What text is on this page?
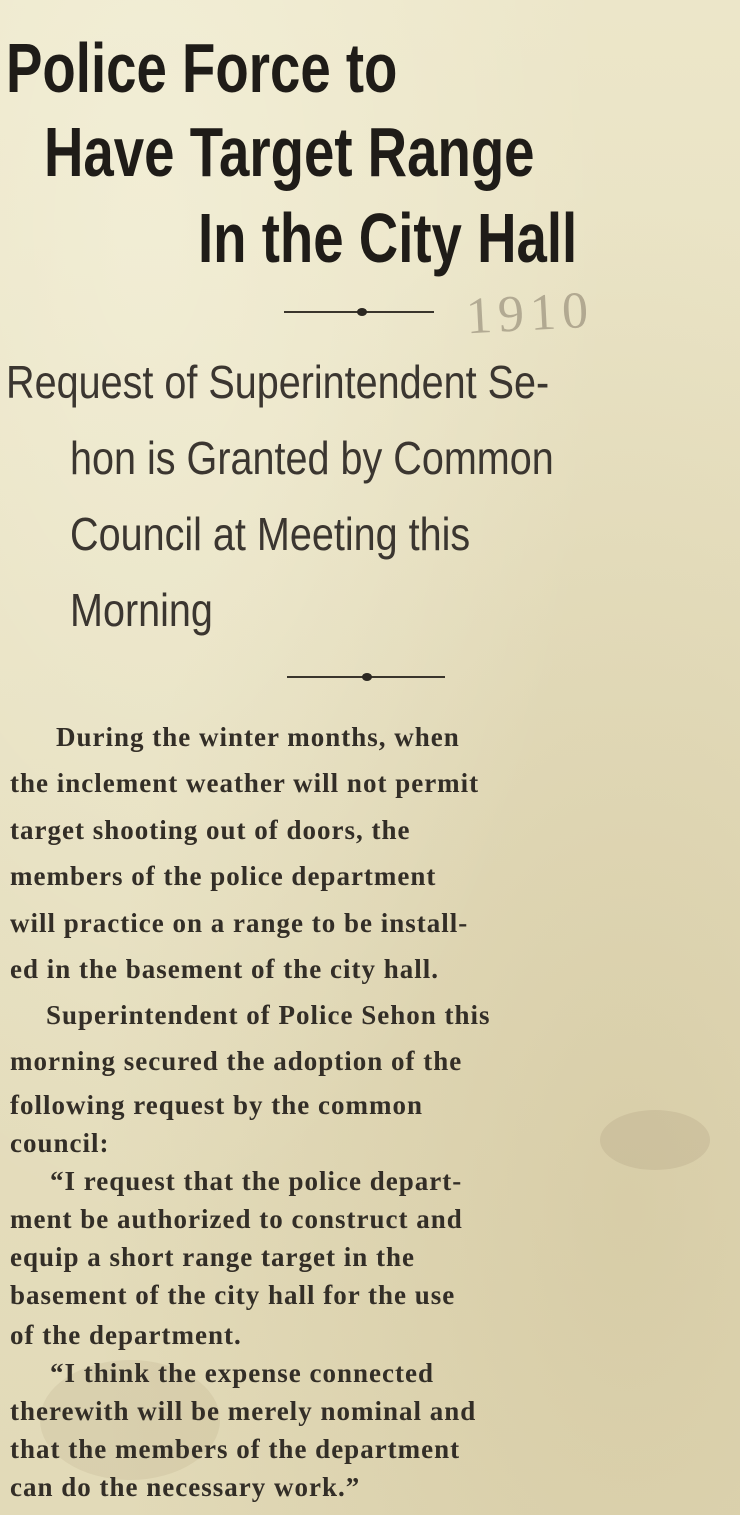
Police Force to
Have Target Range
In the City Hall
1910
Request of Superintendent Se-
hon is Granted by Common
Council at Meeting this
Morning
During the winter months, when
the inclement weather will not permit
target shooting out of doors, the
members of the police department
will practice on a range to be install-
ed in the basement of the city hall.
Superintendent of Police Sehon this
morning secured the adoption of the
following request by the common
council:
“I request that the police depart-
ment be authorized to construct and
equip a short range target in the
basement of the city hall for the use
of the department.
“I think the expense connected
therewith will be merely nominal and
that the members of the department
can do the necessary work.”
